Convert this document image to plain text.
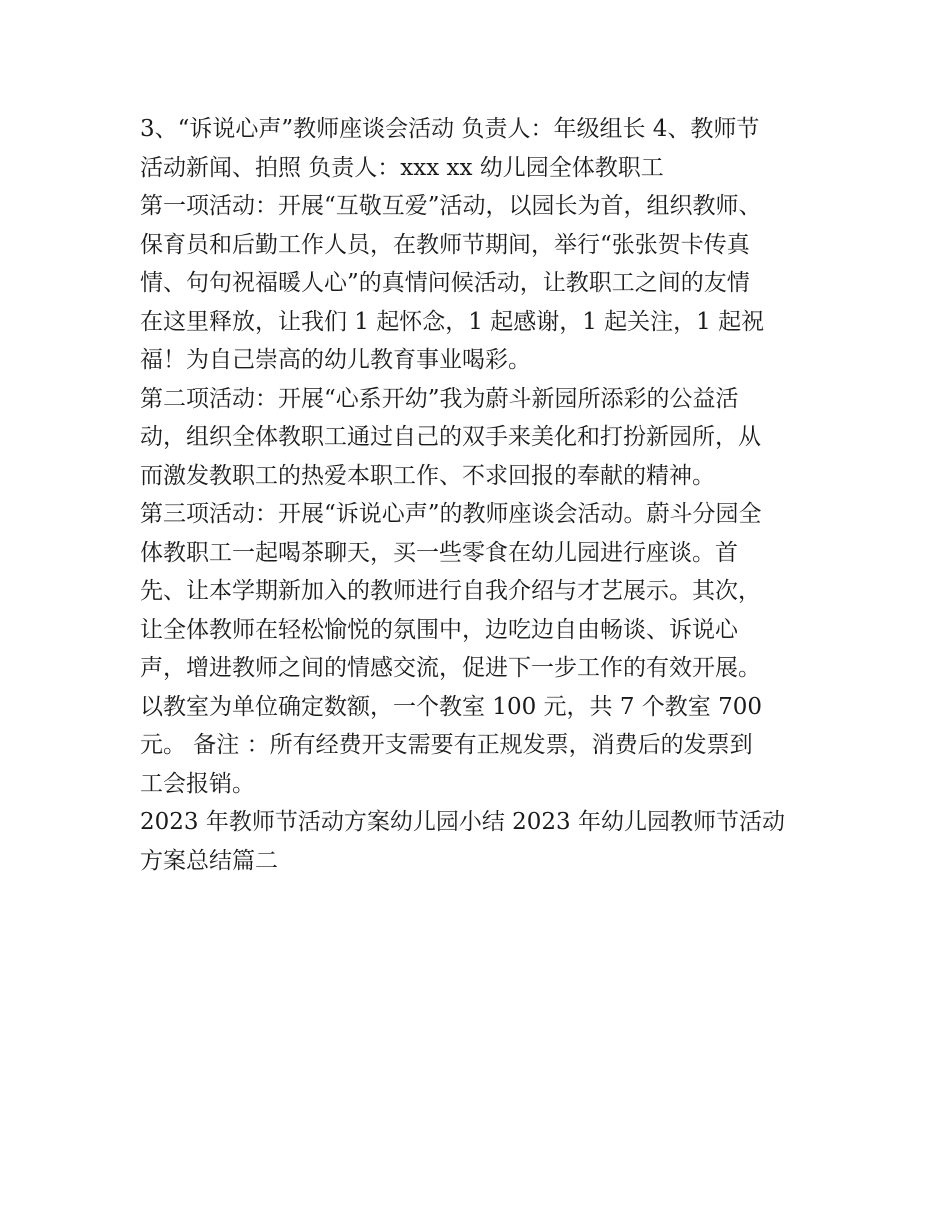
3、“诉说心声”教师座谈会活动 负责人：年级组长 4、教师节
活动新闻、拍照 负责人：xxx xx 幼儿园全体教职工
第一项活动：开展“互敬互爱”活动，以园长为首，组织教师、
保育员和后勤工作人员，在教师节期间，举行“张张贺卡传真
情、句句祝福暖人心”的真情问候活动，让教职工之间的友情
在这里释放，让我们 1 起怀念，1 起感谢，1 起关注，1 起祝
福！为自己崇高的幼儿教育事业喝彩。
第二项活动：开展“心系开幼”我为蔚斗新园所添彩的公益活
动，组织全体教职工通过自己的双手来美化和打扮新园所，从
而激发教职工的热爱本职工作、不求回报的奉献的精神。
第三项活动：开展“诉说心声”的教师座谈会活动。蔚斗分园全
体教职工一起喝茶聊天，买一些零食在幼儿园进行座谈。首
先、让本学期新加入的教师进行自我介绍与才艺展示。其次，
让全体教师在轻松愉悦的氛围中，边吃边自由畅谈、诉说心
声，增进教师之间的情感交流，促进下一步工作的有效开展。
以教室为单位确定数额，一个教室 100 元，共 7 个教室 700
元。 备注 ：所有经费开支需要有正规发票，消费后的发票到
工会报销。
2023 年教师节活动方案幼儿园小结 2023 年幼儿园教师节活动
方案总结篇二
